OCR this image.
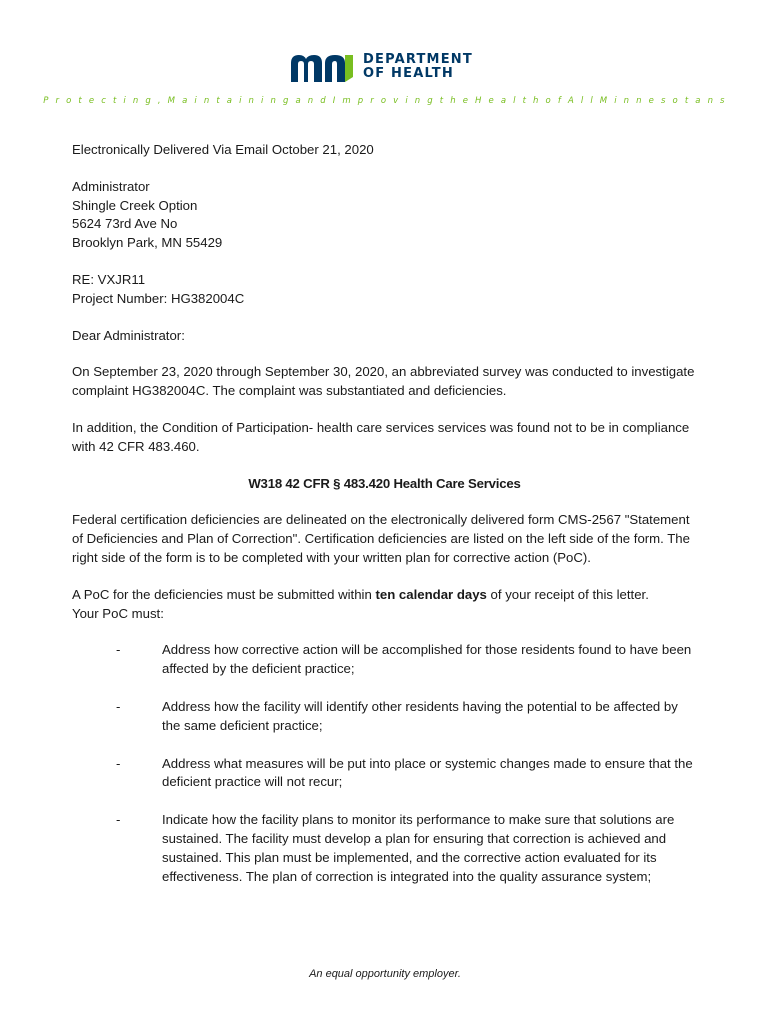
DEPARTMENT
OF HEALTH
P r o t e c t i n g , M a i n t a i n i n g a n d I m p r o v i n g t h e H e a l t h o f A l l M i n n e s o t a n s

Electronically Delivered Via Email October 21, 2020

Administrator
Shingle Creek Option
5624 73rd Ave No
Brooklyn Park, MN 55429

RE: VXJR11
Project Number: HG382004C

Dear Administrator:

On September 23, 2020 through September 30, 2020, an abbreviated survey was conducted to investigate complaint HG382004C. The complaint was substantiated and deficiencies.

In addition, the Condition of Participation- health care services services was found not to be in compliance with 42 CFR 483.460.

W318 42 CFR § 483.420 Health Care Services

Federal certification deficiencies are delineated on the electronically delivered form CMS-2567 "Statement of Deficiencies and Plan of Correction". Certification deficiencies are listed on the left side of the form. The right side of the form is to be completed with your written plan for corrective action (PoC).

A PoC for the deficiencies must be submitted within ten calendar days of your receipt of this letter.
Your PoC must:

-	Address how corrective action will be accomplished for those residents found to have been affected by the deficient practice;
-	Address how the facility will identify other residents having the potential to be affected by the same deficient practice;
-	Address what measures will be put into place or systemic changes made to ensure that the deficient practice will not recur;
-	Indicate how the facility plans to monitor its performance to make sure that solutions are sustained. The facility must develop a plan for ensuring that correction is achieved and sustained. This plan must be implemented, and the corrective action evaluated for its effectiveness. The plan of correction is integrated into the quality assurance system;
An equal opportunity employer.
